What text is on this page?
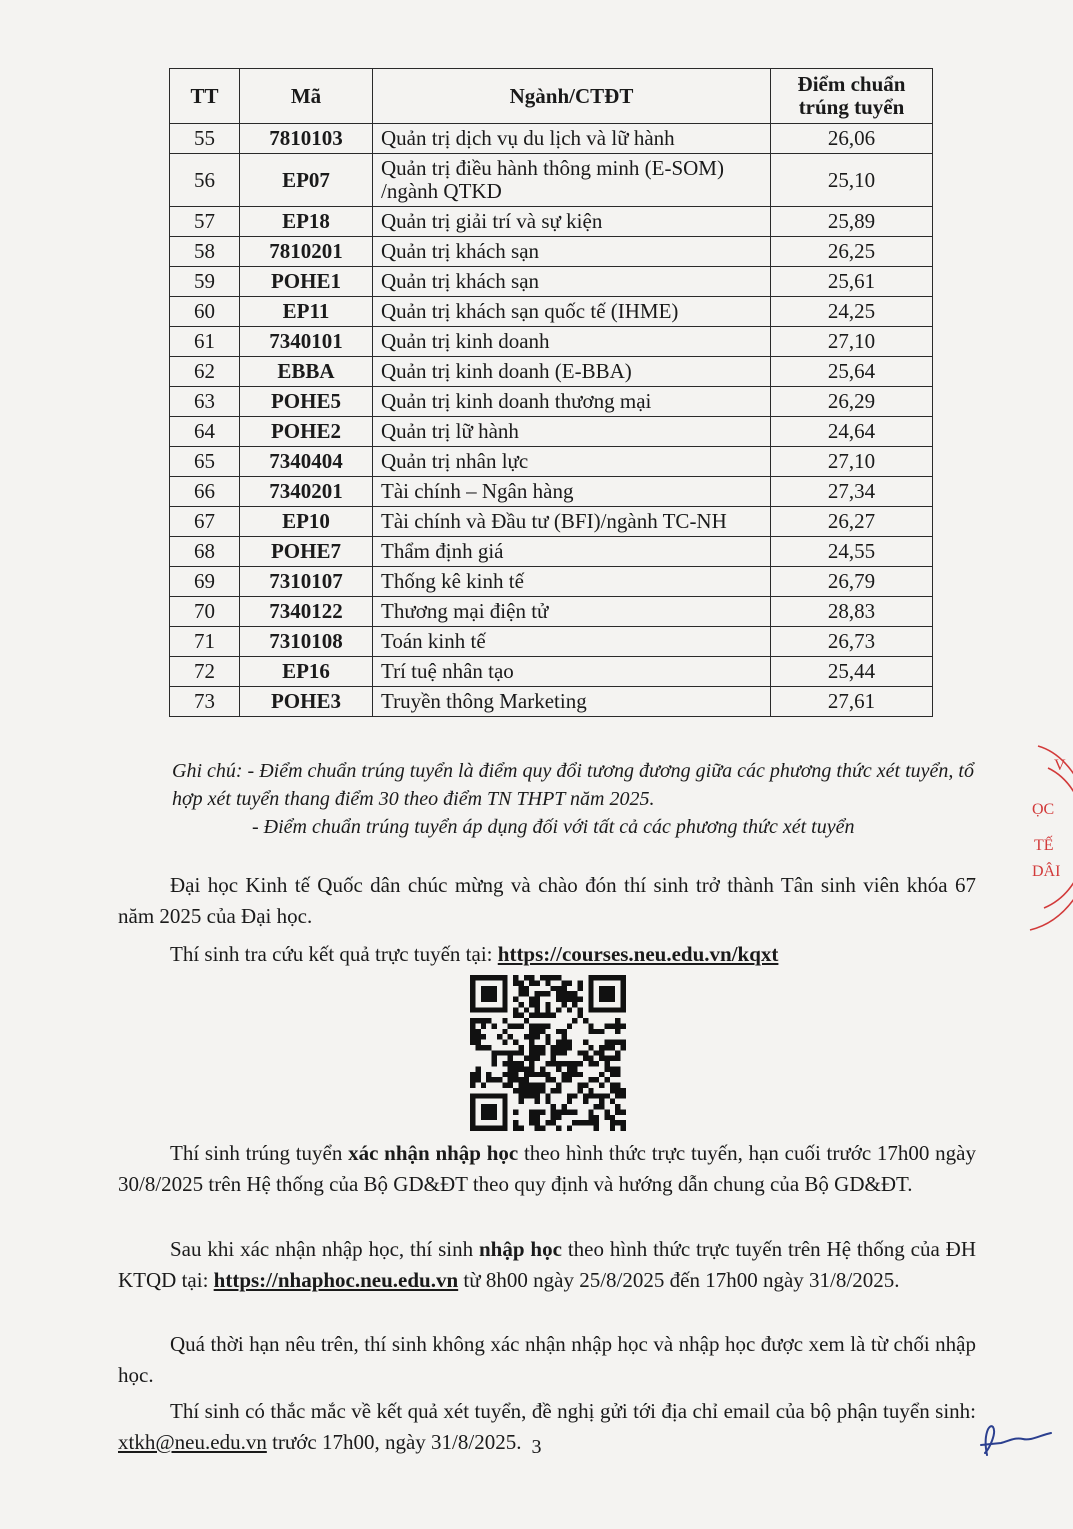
TT	Mã	Ngành/CTĐT	Điểm chuẩn
trúng tuyển
55	7810103	Quản trị dịch vụ du lịch và lữ hành	26,06
56	EP07	Quản trị điều hành thông minh (E-SOM) /ngành QTKD	25,10
57	EP18	Quản trị giải trí và sự kiện	25,89
58	7810201	Quản trị khách sạn	26,25
59	POHE1	Quản trị khách sạn	25,61
60	EP11	Quản trị khách sạn quốc tế (IHME)	24,25
61	7340101	Quản trị kinh doanh	27,10
62	EBBA	Quản trị kinh doanh (E-BBA)	25,64
63	POHE5	Quản trị kinh doanh thương mại	26,29
64	POHE2	Quản trị lữ hành	24,64
65	7340404	Quản trị nhân lực	27,10
66	7340201	Tài chính – Ngân hàng	27,34
67	EP10	Tài chính và Đầu tư (BFI)/ngành TC-NH	26,27
68	POHE7	Thẩm định giá	24,55
69	7310107	Thống kê kinh tế	26,79
70	7340122	Thương mại điện tử	28,83
71	7310108	Toán kinh tế	26,73
72	EP16	Trí tuệ nhân tạo	25,44
73	POHE3	Truyền thông Marketing	27,61
Ghi chú: - Điểm chuẩn trúng tuyển là điểm quy đổi tương đương giữa các phương thức xét tuyển, tổ hợp xét tuyển thang điểm 30 theo điểm TN THPT năm 2025.
- Điểm chuẩn trúng tuyển áp dụng đối với tất cả các phương thức xét tuyển
Đại học Kinh tế Quốc dân chúc mừng và chào đón thí sinh trở thành Tân sinh viên khóa 67 năm 2025 của Đại học.
Thí sinh tra cứu kết quả trực tuyến tại: https://courses.neu.edu.vn/kqxt
Thí sinh trúng tuyển xác nhận nhập học theo hình thức trực tuyến, hạn cuối trước 17h00 ngày 30/8/2025 trên Hệ thống của Bộ GD&ĐT theo quy định và hướng dẫn chung của Bộ GD&ĐT.
Sau khi xác nhận nhập học, thí sinh nhập học theo hình thức trực tuyến trên Hệ thống của ĐH KTQD tại: https://nhaphoc.neu.edu.vn từ 8h00 ngày 25/8/2025 đến 17h00 ngày 31/8/2025.
Quá thời hạn nêu trên, thí sinh không xác nhận nhập học và nhập học được xem là từ chối nhập học.
Thí sinh có thắc mắc về kết quả xét tuyển, đề nghị gửi tới địa chỉ email của bộ phận tuyển sinh: xtkh@neu.edu.vn trước 17h00, ngày 31/8/2025. 3
V
ỌC
TẾ
DÂI
